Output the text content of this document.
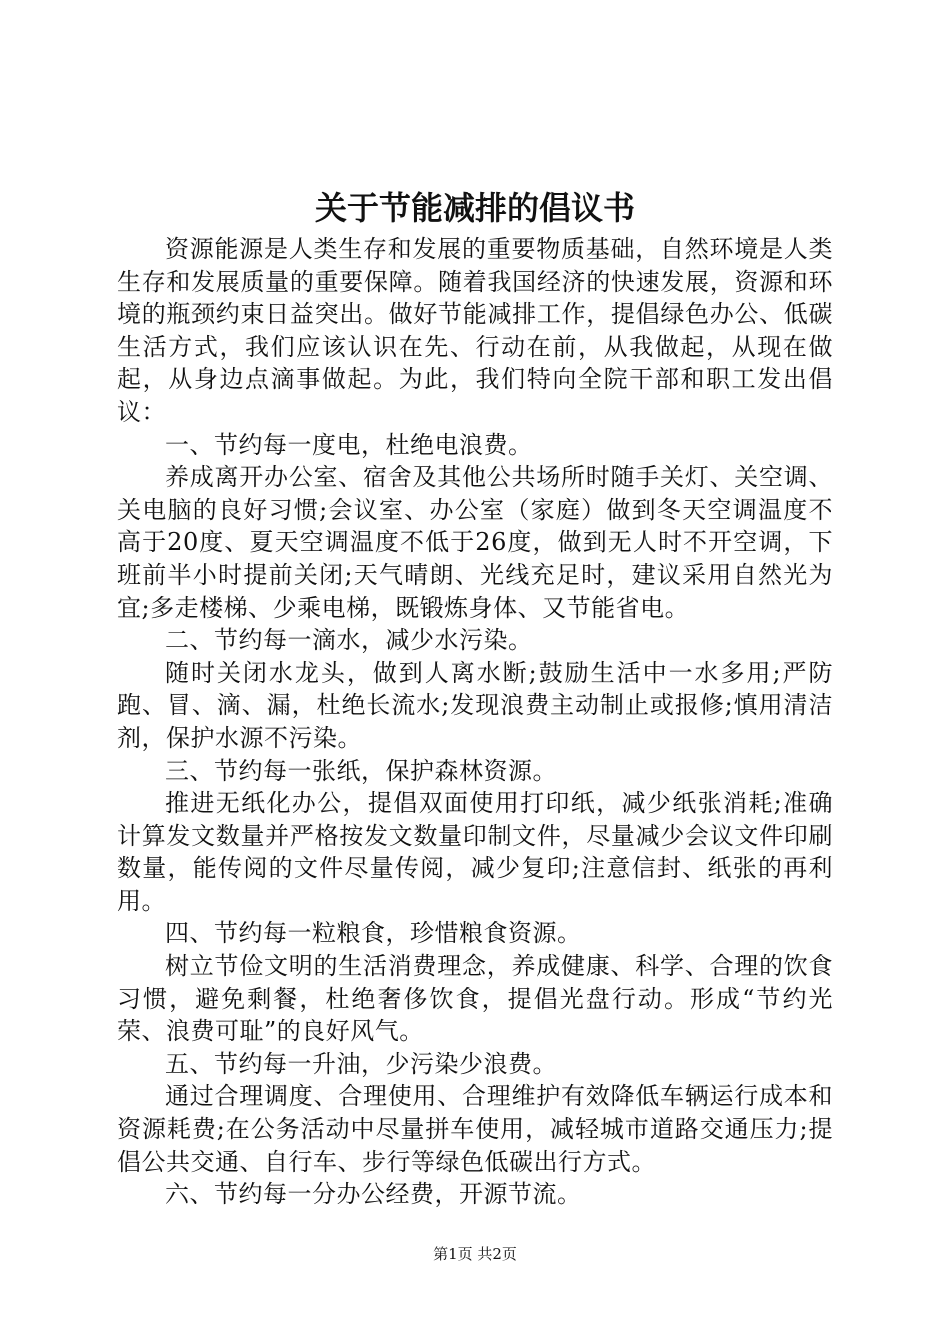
关于节能减排的倡议书

资源能源是人类生存和发展的重要物质基础，自然环境是人类生存和发展质量的重要保障。随着我国经济的快速发展，资源和环境的瓶颈约束日益突出。做好节能减排工作，提倡绿色办公、低碳生活方式，我们应该认识在先、行动在前，从我做起，从现在做起，从身边点滴事做起。为此，我们特向全院干部和职工发出倡议：

一、节约每一度电，杜绝电浪费。

养成离开办公室、宿舍及其他公共场所时随手关灯、关空调、关电脑的良好习惯;会议室、办公室（家庭）做到冬天空调温度不高于20度、夏天空调温度不低于26度，做到无人时不开空调，下班前半小时提前关闭;天气晴朗、光线充足时，建议采用自然光为宜;多走楼梯、少乘电梯，既锻炼身体、又节能省电。

二、节约每一滴水，减少水污染。

随时关闭水龙头，做到人离水断;鼓励生活中一水多用;严防跑、冒、滴、漏，杜绝长流水;发现浪费主动制止或报修;慎用清洁剂，保护水源不污染。

三、节约每一张纸，保护森林资源。

推进无纸化办公，提倡双面使用打印纸，减少纸张消耗;准确计算发文数量并严格按发文数量印制文件，尽量减少会议文件印刷数量，能传阅的文件尽量传阅，减少复印;注意信封、纸张的再利用。

四、节约每一粒粮食，珍惜粮食资源。

树立节俭文明的生活消费理念，养成健康、科学、合理的饮食习惯，避免剩餐，杜绝奢侈饮食，提倡光盘行动。形成“节约光荣、浪费可耻”的良好风气。

五、节约每一升油，少污染少浪费。

通过合理调度、合理使用、合理维护有效降低车辆运行成本和资源耗费;在公务活动中尽量拼车使用，减轻城市道路交通压力;提倡公共交通、自行车、步行等绿色低碳出行方式。

六、节约每一分办公经费，开源节流。

第1页 共2页
